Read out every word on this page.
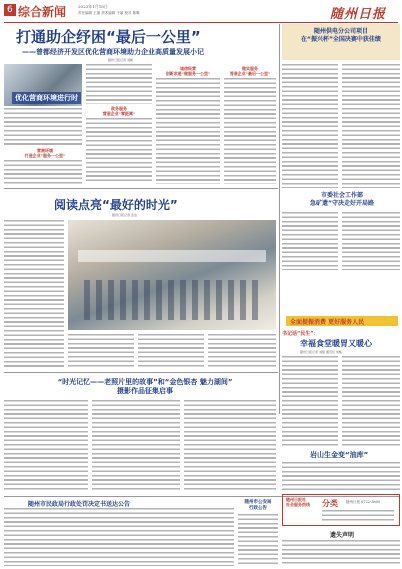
6 综合新闻	2023年1月18日
责任编辑 王丽 美术编辑 于丽 校对 陈琳	随州日报
打通助企纾困“最后一公里”
——曾都经济开发区优化营商环境助力企业高质量发展小记
随州日报记者 刘畅
优化营商环境进行时
营商环境
打造企业“服务一公里”
政务服务
营造企业“零距离”
诚信经营
创新求是“做服务一公里”
做实服务
答准企业“最后一公里”
随州供电分公司项目
在“振兴杯”全国决赛中获佳绩
市委社会工作部
急矿遗”守决走好开局路
阅读点亮“最好的时光”
随州日报记者 张洁
全面提振消费 更好服务人民
书记话“民生”：
幸福食堂暖胃又暖心
随州日报记者 刘强 通讯员 刘畅
岩山生金变“油库”
“时光记忆——老照片里的故事”和“金色银杏 魅力湖间”
摄影作品征集启事
随州市民政局行政处罚决定书送达公告	随州市公安局
行政公告
随州日报社
社会服务热线	分类 随州日报 0722-3800
遗失声明
